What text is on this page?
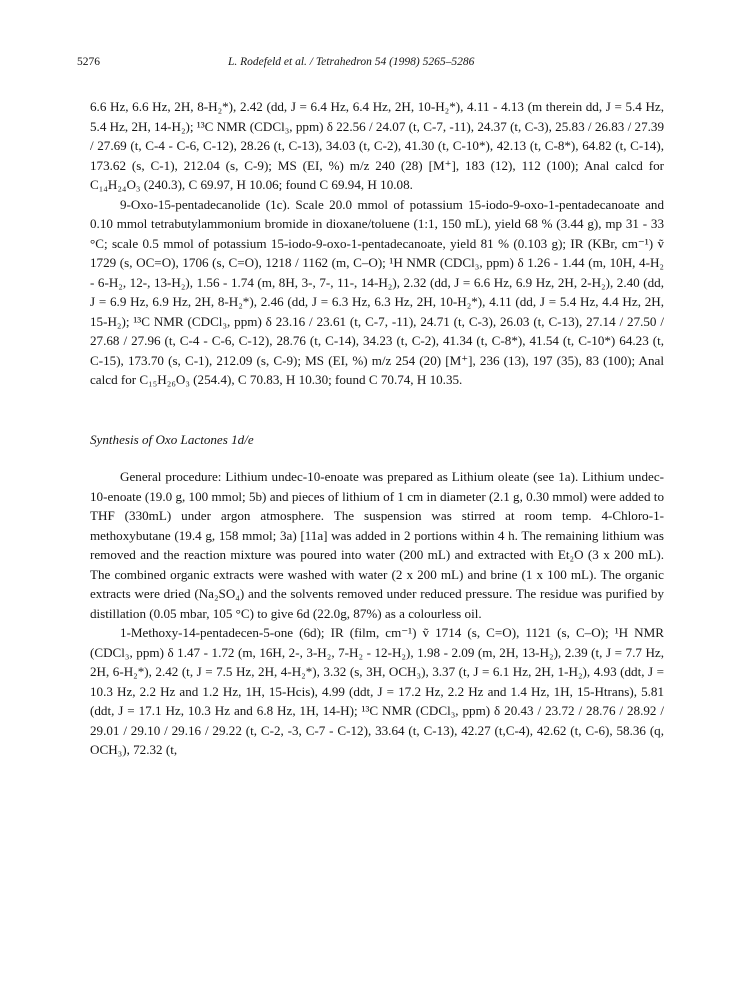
5276	L. Rodefeld et al. / Tetrahedron 54 (1998) 5265–5286

6.6 Hz, 6.6 Hz, 2H, 8-H₂*), 2.42 (dd, J = 6.4 Hz, 6.4 Hz, 2H, 10-H₂*), 4.11 - 4.13 (m therein dd, J = 5.4 Hz, 5.4 Hz, 2H, 14-H₂); ¹³C NMR (CDCl₃, ppm) δ 22.56 / 24.07 (t, C-7, -11), 24.37 (t, C-3), 25.83 / 26.83 / 27.39 / 27.69 (t, C-4 - C-6, C-12), 28.26 (t, C-13), 34.03 (t, C-2), 41.30 (t, C-10*), 42.13 (t, C-8*), 64.82 (t, C-14), 173.62 (s, C-1), 212.04 (s, C-9); MS (EI, %) m/z 240 (28) [M⁺], 183 (12), 112 (100); Anal calcd for C₁₄H₂₄O₃ (240.3), C 69.97, H 10.06; found C 69.94, H 10.08.

9-Oxo-15-pentadecanolide (1c). Scale 20.0 mmol of potassium 15-iodo-9-oxo-1-pentadecanoate and 0.10 mmol tetrabutylammonium bromide in dioxane/toluene (1:1, 150 mL), yield 68 % (3.44 g), mp 31 - 33 °C; scale 0.5 mmol of potassium 15-iodo-9-oxo-1-pentadecanoate, yield 81 % (0.103 g); IR (KBr, cm⁻¹) ṽ 1729 (s, OC=O), 1706 (s, C=O), 1218 / 1162 (m, C–O); ¹H NMR (CDCl₃, ppm) δ 1.26 - 1.44 (m, 10H, 4-H₂ - 6-H₂, 12-, 13-H₂), 1.56 - 1.74 (m, 8H, 3-, 7-, 11-, 14-H₂), 2.32 (dd, J = 6.6 Hz, 6.9 Hz, 2H, 2-H₂), 2.40 (dd, J = 6.9 Hz, 6.9 Hz, 2H, 8-H₂*), 2.46 (dd, J = 6.3 Hz, 6.3 Hz, 2H, 10-H₂*), 4.11 (dd, J = 5.4 Hz, 4.4 Hz, 2H, 15-H₂); ¹³C NMR (CDCl₃, ppm) δ 23.16 / 23.61 (t, C-7, -11), 24.71 (t, C-3), 26.03 (t, C-13), 27.14 / 27.50 / 27.68 / 27.96 (t, C-4 - C-6, C-12), 28.76 (t, C-14), 34.23 (t, C-2), 41.34 (t, C-8*), 41.54 (t, C-10*) 64.23 (t, C-15), 173.70 (s, C-1), 212.09 (s, C-9); MS (EI, %) m/z 254 (20) [M⁺], 236 (13), 197 (35), 83 (100); Anal calcd for C₁₅H₂₆O₃ (254.4), C 70.83, H 10.30; found C 70.74, H 10.35.

Synthesis of Oxo Lactones 1d/e

General procedure: Lithium undec-10-enoate was prepared as Lithium oleate (see 1a). Lithium undec-10-enoate (19.0 g, 100 mmol; 5b) and pieces of lithium of 1 cm in diameter (2.1 g, 0.30 mmol) were added to THF (330mL) under argon atmosphere. The suspension was stirred at room temp. 4-Chloro-1-methoxybutane (19.4 g, 158 mmol; 3a) [11a] was added in 2 portions within 4 h. The remaining lithium was removed and the reaction mixture was poured into water (200 mL) and extracted with Et₂O (3 x 200 mL). The combined organic extracts were washed with water (2 x 200 mL) and brine (1 x 100 mL). The organic extracts were dried (Na₂SO₄) and the solvents removed under reduced pressure. The residue was purified by distillation (0.05 mbar, 105 °C) to give 6d (22.0g, 87%) as a colourless oil.

1-Methoxy-14-pentadecen-5-one (6d); IR (film, cm⁻¹) ṽ 1714 (s, C=O), 1121 (s, C–O); ¹H NMR (CDCl₃, ppm) δ 1.47 - 1.72 (m, 16H, 2-, 3-H₂, 7-H₂ - 12-H₂), 1.98 - 2.09 (m, 2H, 13-H₂), 2.39 (t, J = 7.7 Hz, 2H, 6-H₂*), 2.42 (t, J = 7.5 Hz, 2H, 4-H₂*), 3.32 (s, 3H, OCH₃), 3.37 (t, J = 6.1 Hz, 2H, 1-H₂), 4.93 (ddt, J = 10.3 Hz, 2.2 Hz and 1.2 Hz, 1H, 15-Hcis), 4.99 (ddt, J = 17.2 Hz, 2.2 Hz and 1.4 Hz, 1H, 15-Htrans), 5.81 (ddt, J = 17.1 Hz, 10.3 Hz and 6.8 Hz, 1H, 14-H); ¹³C NMR (CDCl₃, ppm) δ 20.43 / 23.72 / 28.76 / 28.92 / 29.01 / 29.10 / 29.16 / 29.22 (t, C-2, -3, C-7 - C-12), 33.64 (t, C-13), 42.27 (t,C-4), 42.62 (t, C-6), 58.36 (q, OCH₃), 72.32 (t,
